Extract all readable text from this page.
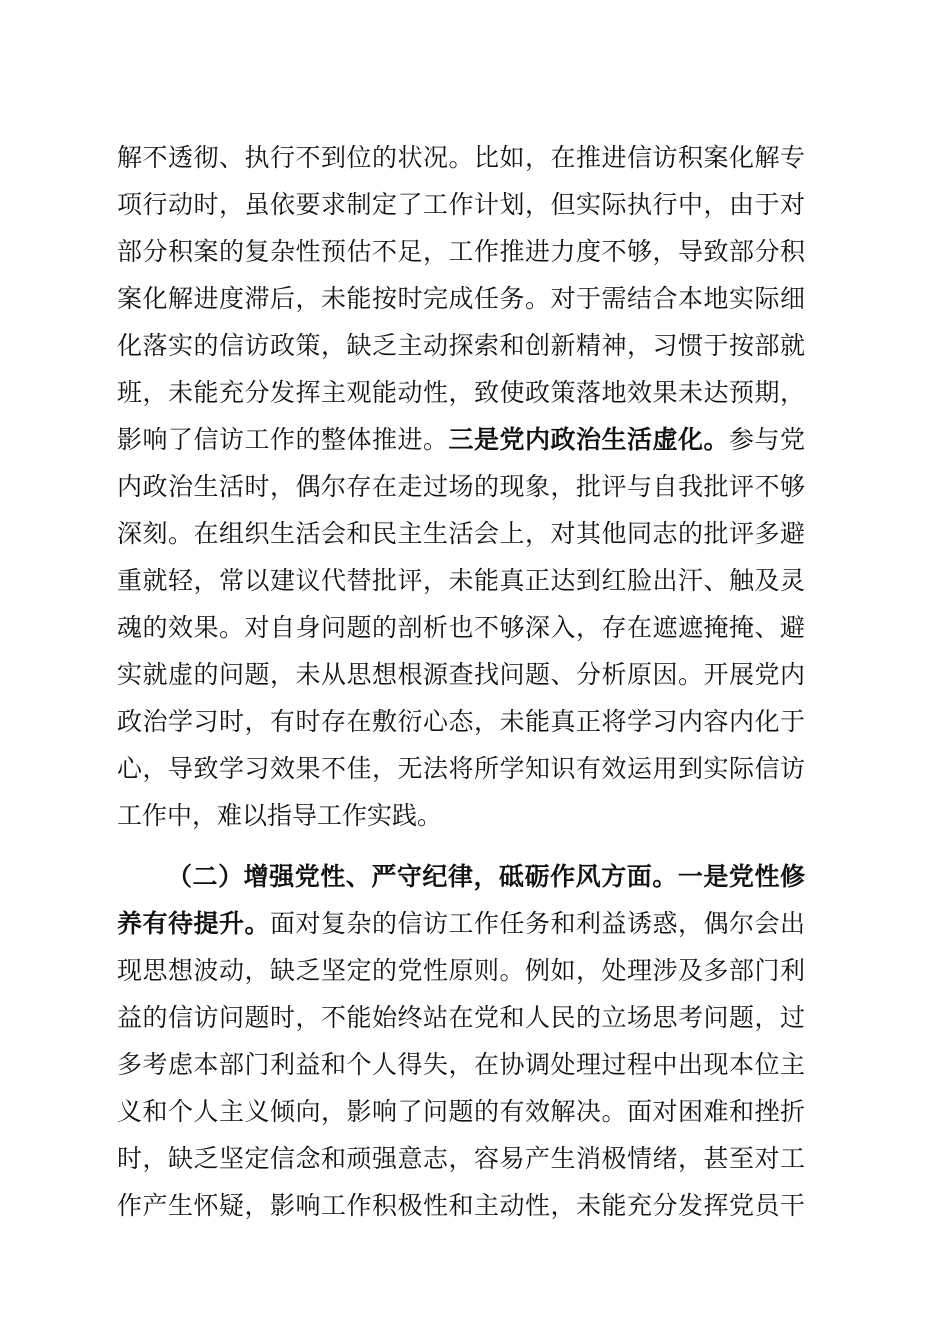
解不透彻、执行不到位的状况。比如，在推进信访积案化解专

项行动时，虽依要求制定了工作计划，但实际执行中，由于对

部分积案的复杂性预估不足，工作推进力度不够，导致部分积

案化解进度滞后，未能按时完成任务。对于需结合本地实际细

化落实的信访政策，缺乏主动探索和创新精神，习惯于按部就

班，未能充分发挥主观能动性，致使政策落地效果未达预期，

影响了信访工作的整体推进。三是党内政治生活虚化。参与党

内政治生活时，偶尔存在走过场的现象，批评与自我批评不够

深刻。在组织生活会和民主生活会上，对其他同志的批评多避

重就轻，常以建议代替批评，未能真正达到红脸出汗、触及灵

魂的效果。对自身问题的剖析也不够深入，存在遮遮掩掩、避

实就虚的问题，未从思想根源查找问题、分析原因。开展党内

政治学习时，有时存在敷衍心态，未能真正将学习内容内化于

心，导致学习效果不佳，无法将所学知识有效运用到实际信访

工作中，难以指导工作实践。

（二）增强党性、严守纪律，砥砺作风方面。一是党性修

养有待提升。面对复杂的信访工作任务和利益诱惑，偶尔会出

现思想波动，缺乏坚定的党性原则。例如，处理涉及多部门利

益的信访问题时，不能始终站在党和人民的立场思考问题，过

多考虑本部门利益和个人得失，在协调处理过程中出现本位主

义和个人主义倾向，影响了问题的有效解决。面对困难和挫折

时，缺乏坚定信念和顽强意志，容易产生消极情绪，甚至对工

作产生怀疑，影响工作积极性和主动性，未能充分发挥党员干
